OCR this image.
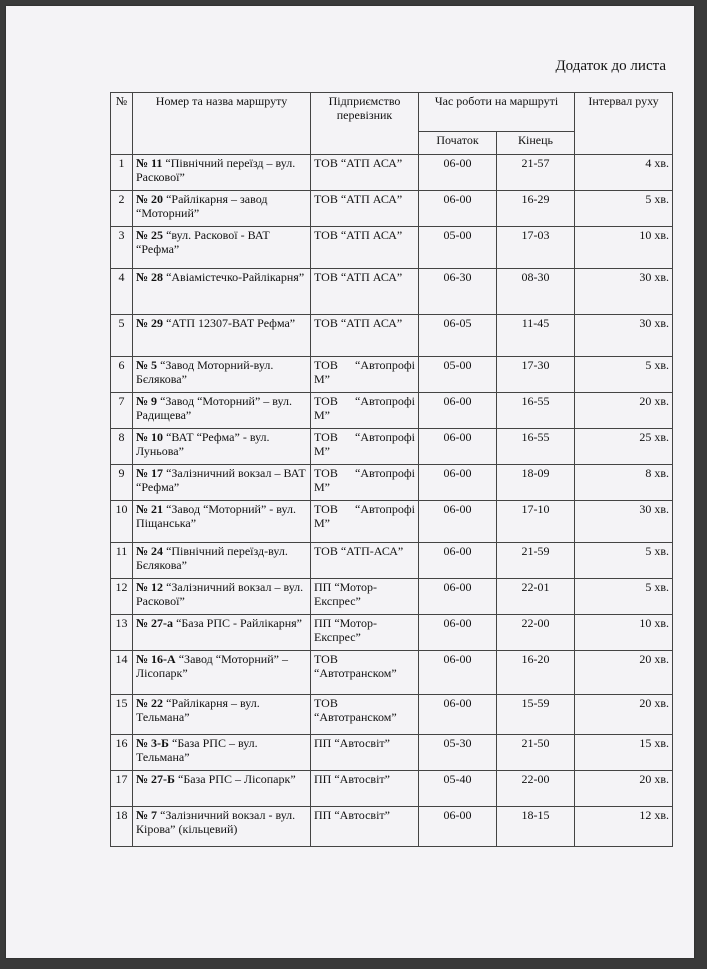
Додаток до листа
№	Номер та назва маршруту	Підприємство перевізник	Час роботи на маршруті		Інтервал руху
			Початок	Кінець	
1	№ 11 “Північний переїзд – вул. Раскової”	ТОВ “АТП АСА”	06-00	21-57	4 хв.
2	№ 20 “Райлікарня – завод “Моторний”	ТОВ “АТП АСА”	06-00	16-29	5 хв.
3	№ 25 “вул. Раскової - ВАТ “Рефма”	ТОВ “АТП АСА”	05-00	17-03	10 хв.
4	№ 28 “Авіамістечко-Райлікарня”	ТОВ “АТП АСА”	06-30	08-30	30 хв.
5	№ 29 “АТП 12307-ВАТ Рефма”	ТОВ “АТП АСА”	06-05	11-45	30 хв.
6	№ 5 “Завод Моторний-вул. Бєлякова”	ТОВ “Автопрофі М”	05-00	17-30	5 хв.
7	№ 9 “Завод “Моторний” – вул. Радищева”	ТОВ “Автопрофі М”	06-00	16-55	20 хв.
8	№ 10 “ВАТ “Рефма” - вул. Луньова”	ТОВ “Автопрофі М”	06-00	16-55	25 хв.
9	№ 17 “Залізничний вокзал – ВАТ “Рефма”	ТОВ “Автопрофі М”	06-00	18-09	8 хв.
10	№ 21 “Завод “Моторний” - вул. Піщанська”	ТОВ “Автопрофі М”	06-00	17-10	30 хв.
11	№ 24 “Північний переїзд-вул. Бєлякова”	ТОВ “АТП-АСА”	06-00	21-59	5 хв.
12	№ 12 “Залізничний вокзал – вул. Раскової”	ПП “Мотор-Експрес”	06-00	22-01	5 хв.
13	№ 27-а “База РПС - Райлікарня”	ПП “Мотор-Експрес”	06-00	22-00	10 хв.
14	№ 16-А “Завод “Моторний” –Лісопарк”	ТОВ “Автотранском”	06-00	16-20	20 хв.
15	№ 22 “Райлікарня – вул. Тельмана”	ТОВ “Автотранском”	06-00	15-59	20 хв.
16	№ 3-Б “База РПС – вул. Тельмана”	ПП “Автосвіт”	05-30	21-50	15 хв.
17	№ 27-Б “База РПС – Лісопарк”	ПП “Автосвіт”	05-40	22-00	20 хв.
18	№ 7 “Залізничний вокзал - вул. Кірова” (кільцевий)	ПП “Автосвіт”	06-00	18-15	12 хв.
